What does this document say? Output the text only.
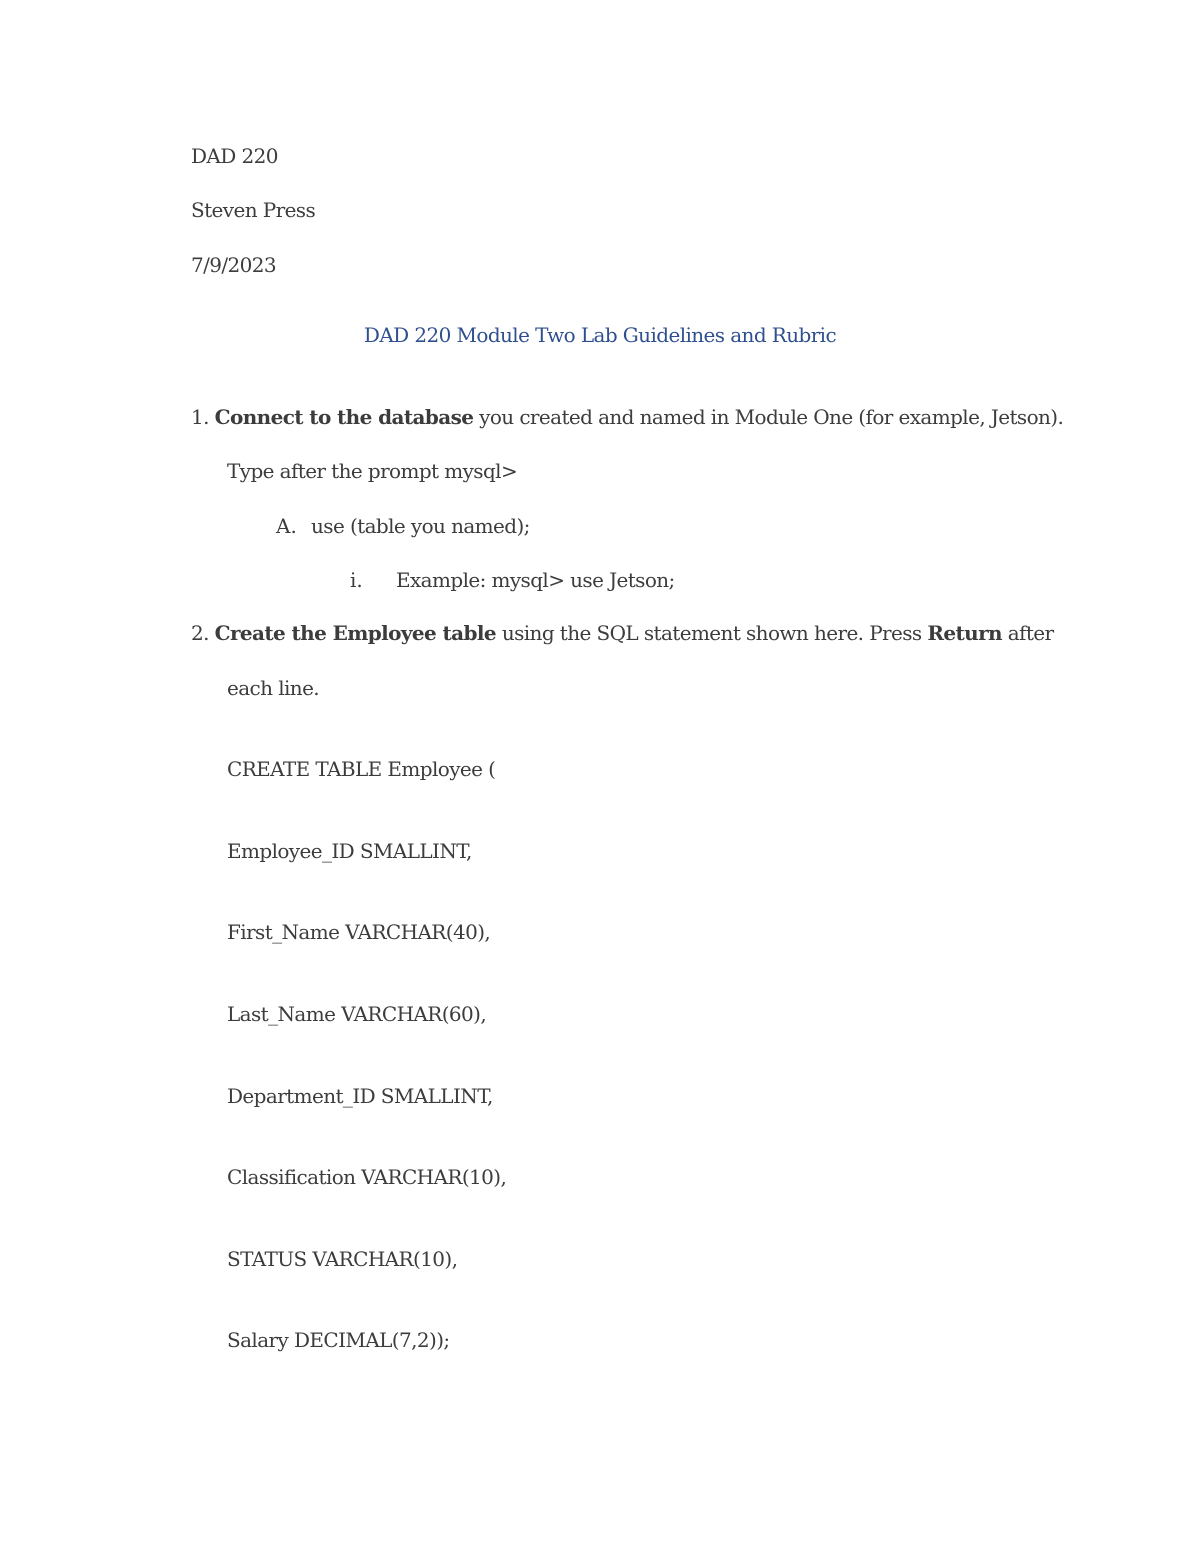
DAD 220
Steven Press
7/9/2023
DAD 220 Module Two Lab Guidelines and Rubric
1. Connect to the database you created and named in Module One (for example, Jetson).
Type after the prompt mysql>
A. use (table you named);
i. Example: mysql> use Jetson;
2. Create the Employee table using the SQL statement shown here. Press Return after
each line.
CREATE TABLE Employee (
Employee_ID SMALLINT,
First_Name VARCHAR(40),
Last_Name VARCHAR(60),
Department_ID SMALLINT,
Classification VARCHAR(10),
STATUS VARCHAR(10),
Salary DECIMAL(7,2));
